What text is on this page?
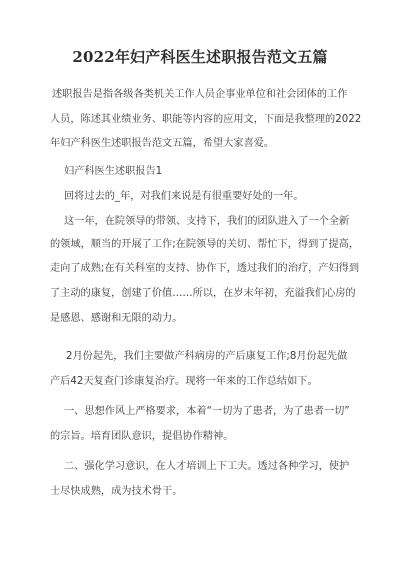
2022年妇产科医生述职报告范文五篇
述职报告是指各级各类机关工作人员企事业单位和社会团体的工作
人员，陈述其业绩业务、职能等内容的应用文，下面是我整理的2022
年妇产科医生述职报告范文五篇，希望大家喜爱。
妇产科医生述职报告1
回将过去的_年，对我们来说是有很重要好处的一年。
这一年，在院领导的带领、支持下，我们的团队进入了一个全新
的领域，顺当的开展了工作;在院领导的关切、帮忙下，得到了提高，
走向了成熟;在有关科室的支持、协作下，透过我们的治疗，产妇得到
了主动的康复，创建了价值……所以，在岁末年初，充溢我们心房的
是感恩、感谢和无限的动力。
2月份起先，我们主要做产科病房的产后康复工作;8月份起先做
产后42天复查门诊康复治疗。现将一年来的工作总结如下。
一、思想作风上严格要求，本着“一切为了患者，为了患者一切”
的宗旨。培育团队意识，提倡协作精神。
二、强化学习意识，在人才培训上下工夫。透过各种学习，使护
士尽快成熟，成为技术骨干。
